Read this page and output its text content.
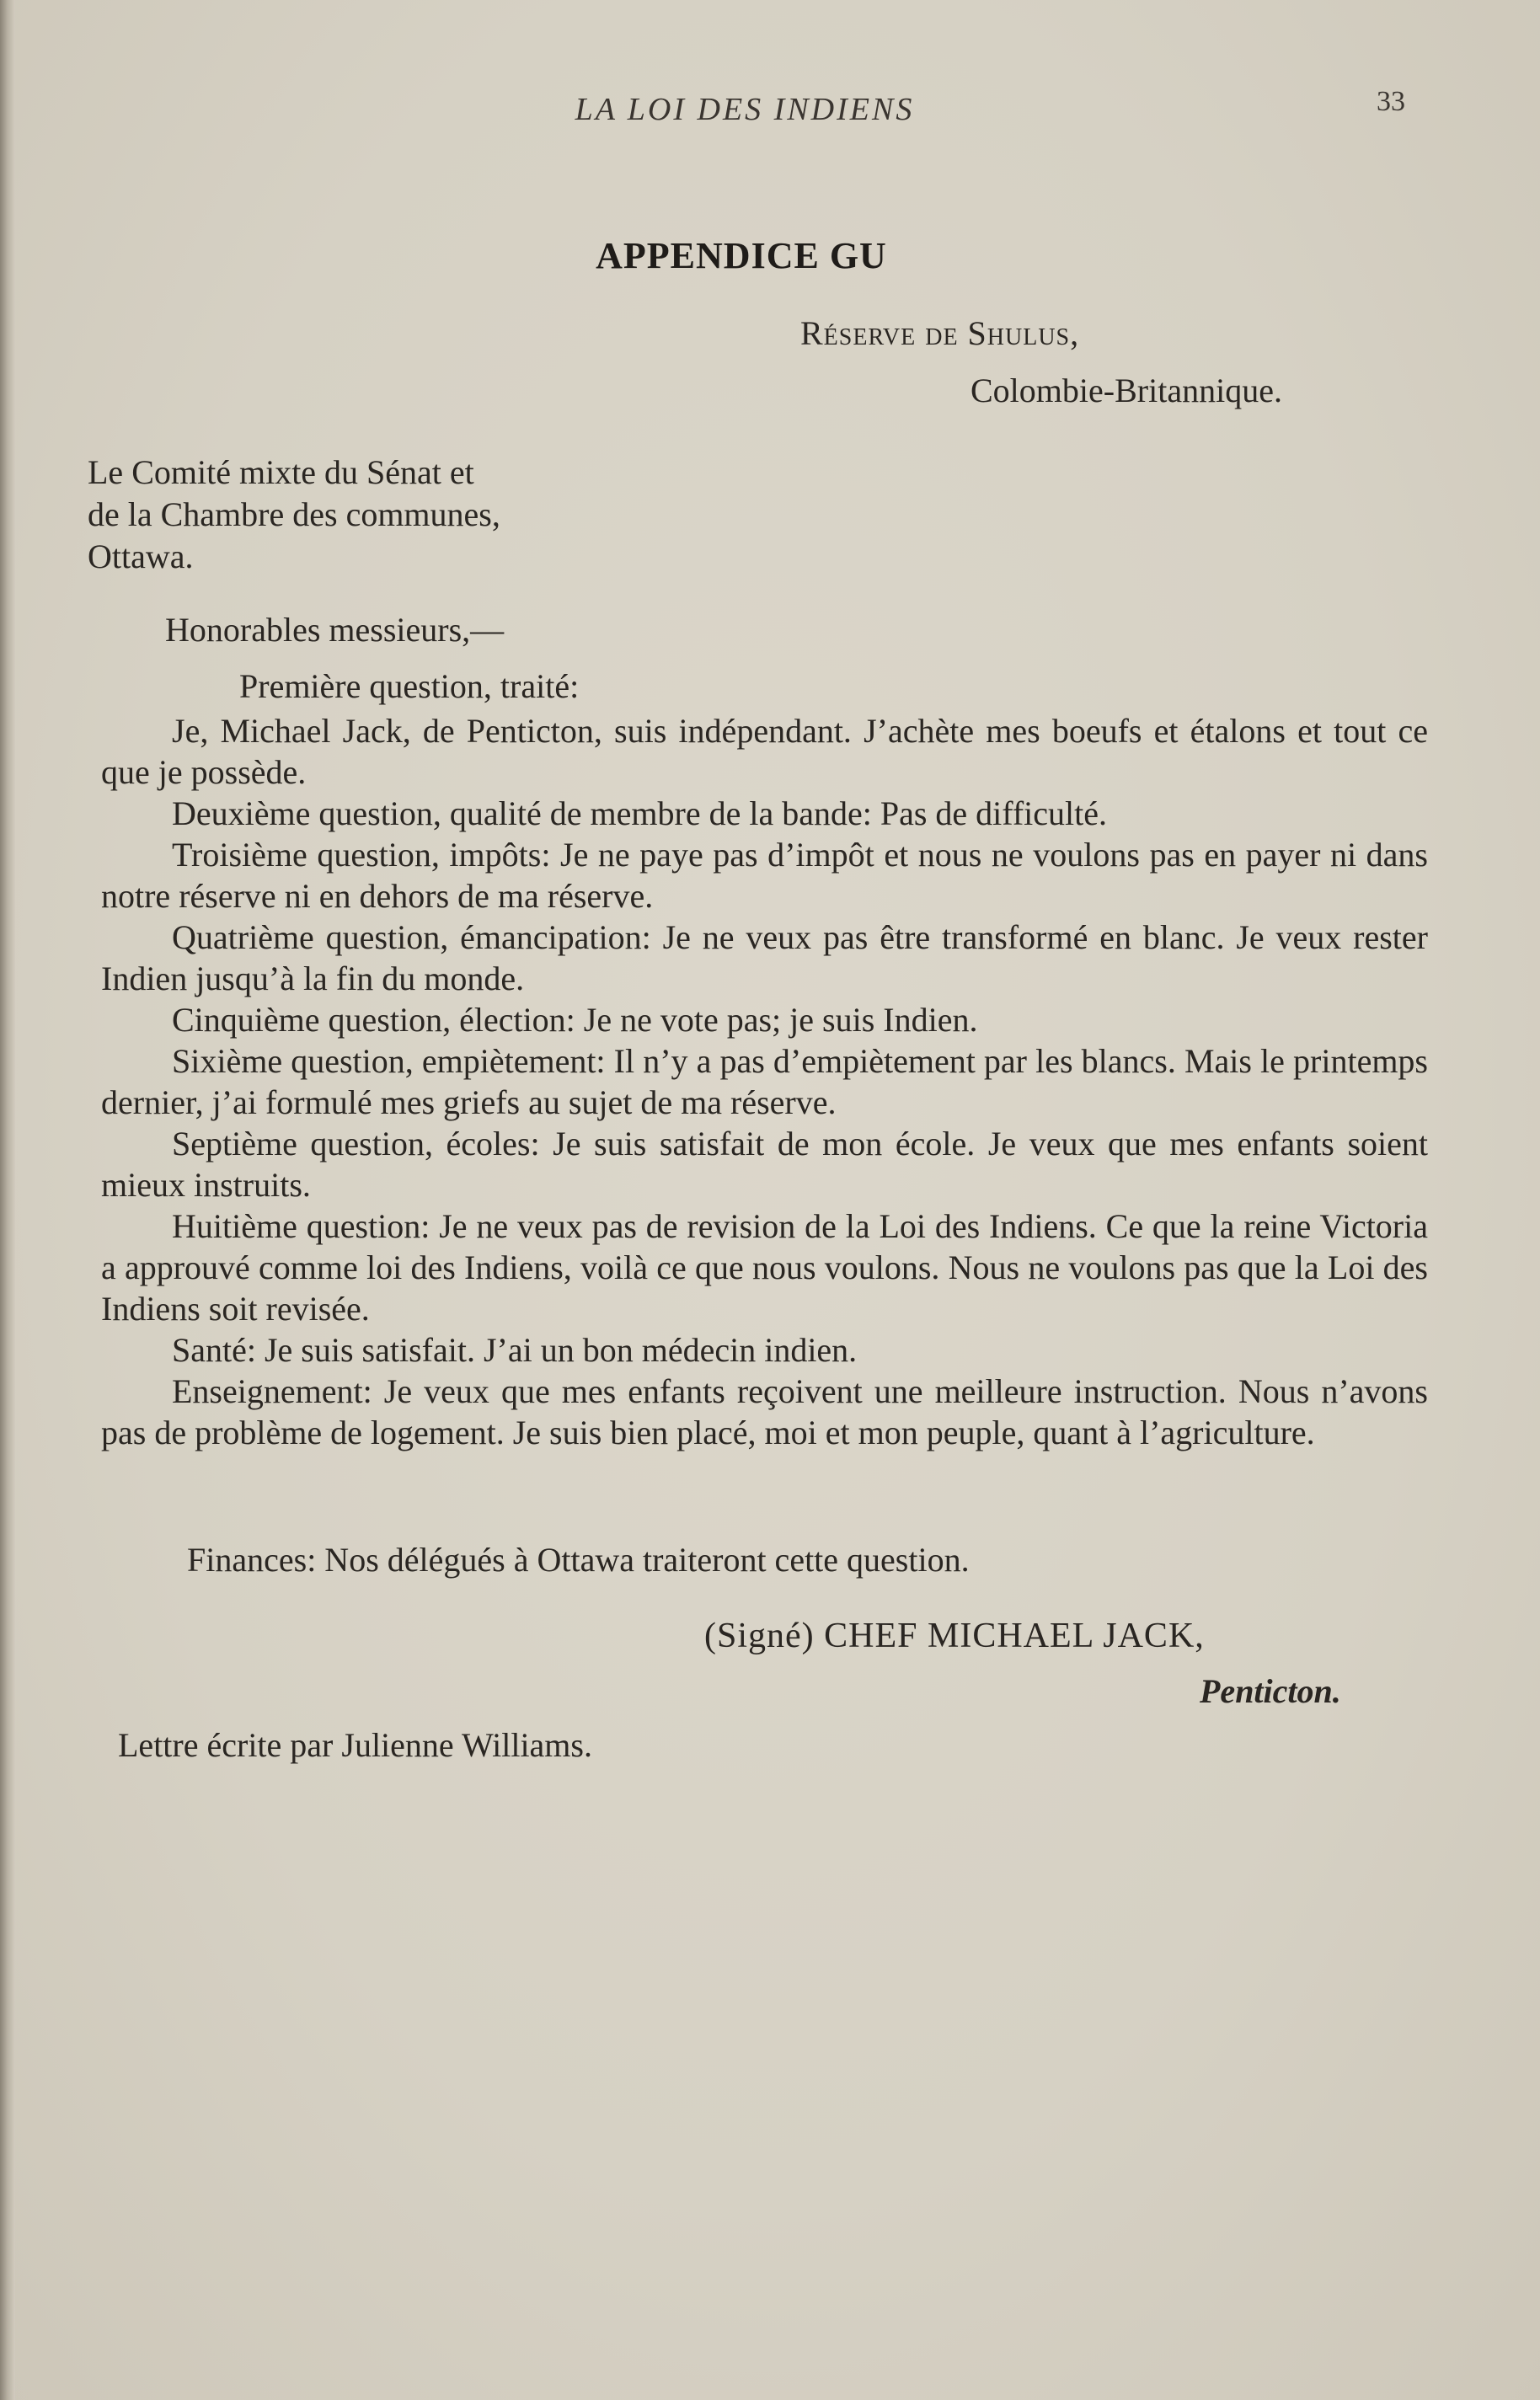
LA LOI DES INDIENS	33
APPENDICE GU
Réserve de Shulus,
Colombie-Britannique.
Le Comité mixte du Sénat et
de la Chambre des communes,
Ottawa.
Honorables messieurs,—

Première question, traité:

Je, Michael Jack, de Penticton, suis indépendant. J’achète mes boeufs et étalons et tout ce que je possède.

Deuxième question, qualité de membre de la bande: Pas de difficulté.

Troisième question, impôts: Je ne paye pas d’impôt et nous ne voulons pas en payer ni dans notre réserve ni en dehors de ma réserve.

Quatrième question, émancipation: Je ne veux pas être transformé en blanc. Je veux rester Indien jusqu’à la fin du monde.

Cinquième question, élection: Je ne vote pas; je suis Indien.

Sixième question, empiètement: Il n’y a pas d’empiètement par les blancs. Mais le printemps dernier, j’ai formulé mes griefs au sujet de ma réserve.

Septième question, écoles: Je suis satisfait de mon école. Je veux que mes enfants soient mieux instruits.

Huitième question: Je ne veux pas de revision de la Loi des Indiens. Ce que la reine Victoria a approuvé comme loi des Indiens, voilà ce que nous voulons. Nous ne voulons pas que la Loi des Indiens soit revisée.

Santé: Je suis satisfait. J’ai un bon médecin indien.

Enseignement: Je veux que mes enfants reçoivent une meilleure instruction. Nous n’avons pas de problème de logement. Je suis bien placé, moi et mon peuple, quant à l’agriculture.

Finances: Nos délégués à Ottawa traiteront cette question.
(Signé) CHEF MICHAEL JACK,
Penticton.
Lettre écrite par Julienne Williams.
